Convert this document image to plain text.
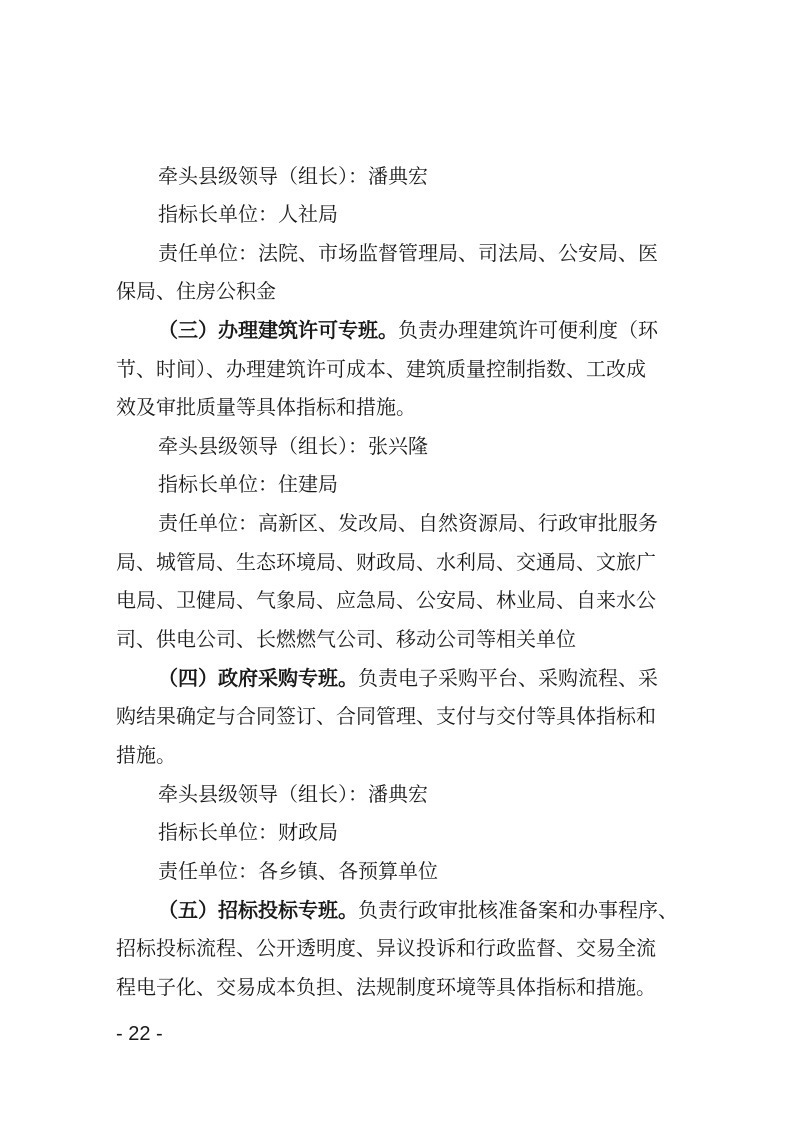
牵头县级领导（组长）：潘典宏
指标长单位：人社局
责任单位：法院、市场监督管理局、司法局、公安局、医
保局、住房公积金
（三）办理建筑许可专班。负责办理建筑许可便利度（环
节、时间）、办理建筑许可成本、建筑质量控制指数、工改成
效及审批质量等具体指标和措施。
牵头县级领导（组长）：张兴隆
指标长单位：住建局
责任单位：高新区、发改局、自然资源局、行政审批服务
局、城管局、生态环境局、财政局、水利局、交通局、文旅广
电局、卫健局、气象局、应急局、公安局、林业局、自来水公
司、供电公司、长燃燃气公司、移动公司等相关单位
（四）政府采购专班。负责电子采购平台、采购流程、采
购结果确定与合同签订、合同管理、支付与交付等具体指标和
措施。
牵头县级领导（组长）：潘典宏
指标长单位：财政局
责任单位：各乡镇、各预算单位
（五）招标投标专班。负责行政审批核准备案和办事程序、
招标投标流程、公开透明度、异议投诉和行政监督、交易全流
程电子化、交易成本负担、法规制度环境等具体指标和措施。
- 22 -
